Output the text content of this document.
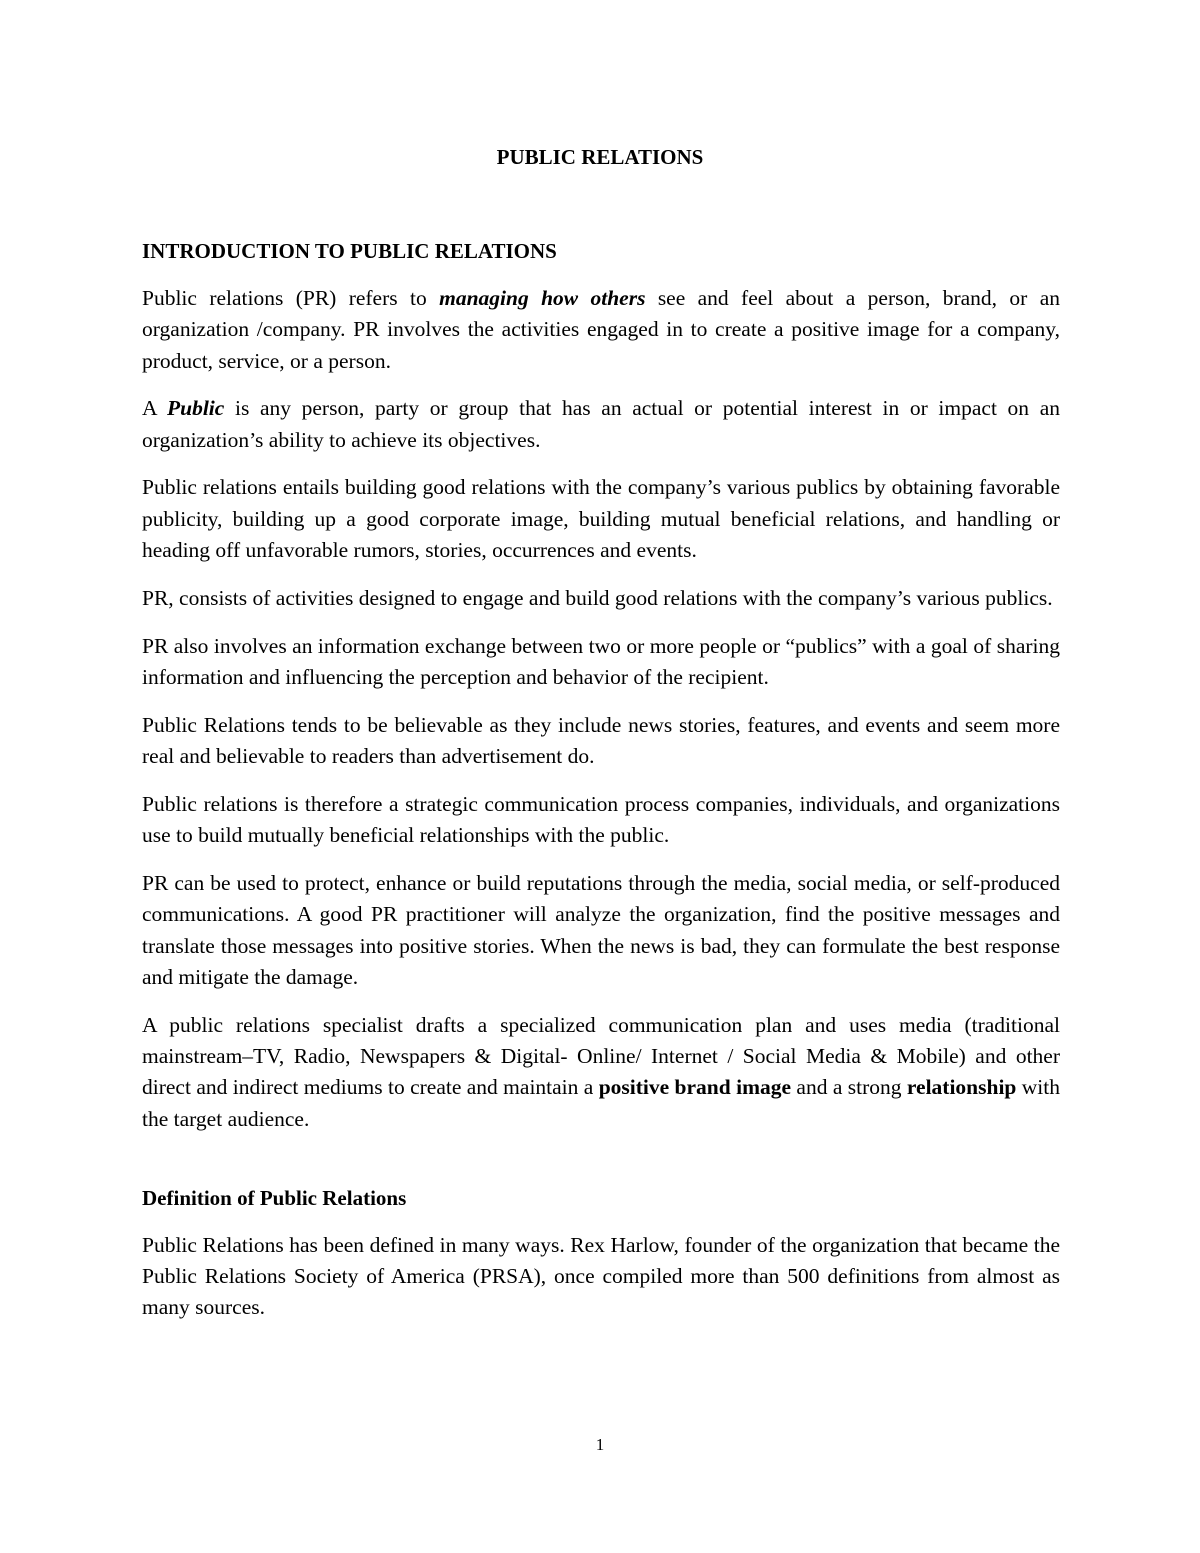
PUBLIC RELATIONS
INTRODUCTION TO PUBLIC RELATIONS

Public relations (PR) refers to managing how others see and feel about a person, brand, or an organization /company. PR involves the activities engaged in to create a positive image for a company, product, service, or a person.

A Public is any person, party or group that has an actual or potential interest in or impact on an organization’s ability to achieve its objectives.

Public relations entails building good relations with the company’s various publics by obtaining favorable publicity, building up a good corporate image, building mutual beneficial relations, and handling or heading off unfavorable rumors, stories, occurrences and events.

PR, consists of activities designed to engage and build good relations with the company’s various publics.

PR also involves an information exchange between two or more people or “publics” with a goal of sharing information and influencing the perception and behavior of the recipient.

Public Relations tends to be believable as they include news stories, features, and events and seem more real and believable to readers than advertisement do.

Public relations is therefore a strategic communication process companies, individuals, and organizations use to build mutually beneficial relationships with the public.

PR can be used to protect, enhance or build reputations through the media, social media, or self-produced communications. A good PR practitioner will analyze the organization, find the positive messages and translate those messages into positive stories. When the news is bad, they can formulate the best response and mitigate the damage.

A public relations specialist drafts a specialized communication plan and uses media (traditional mainstream–TV, Radio, Newspapers & Digital- Online/ Internet / Social Media & Mobile) and other direct and indirect mediums to create and maintain a positive brand image and a strong relationship with the target audience.

Definition of Public Relations

Public Relations has been defined in many ways. Rex Harlow, founder of the organization that became the Public Relations Society of America (PRSA), once compiled more than 500 definitions from almost as many sources.

1
